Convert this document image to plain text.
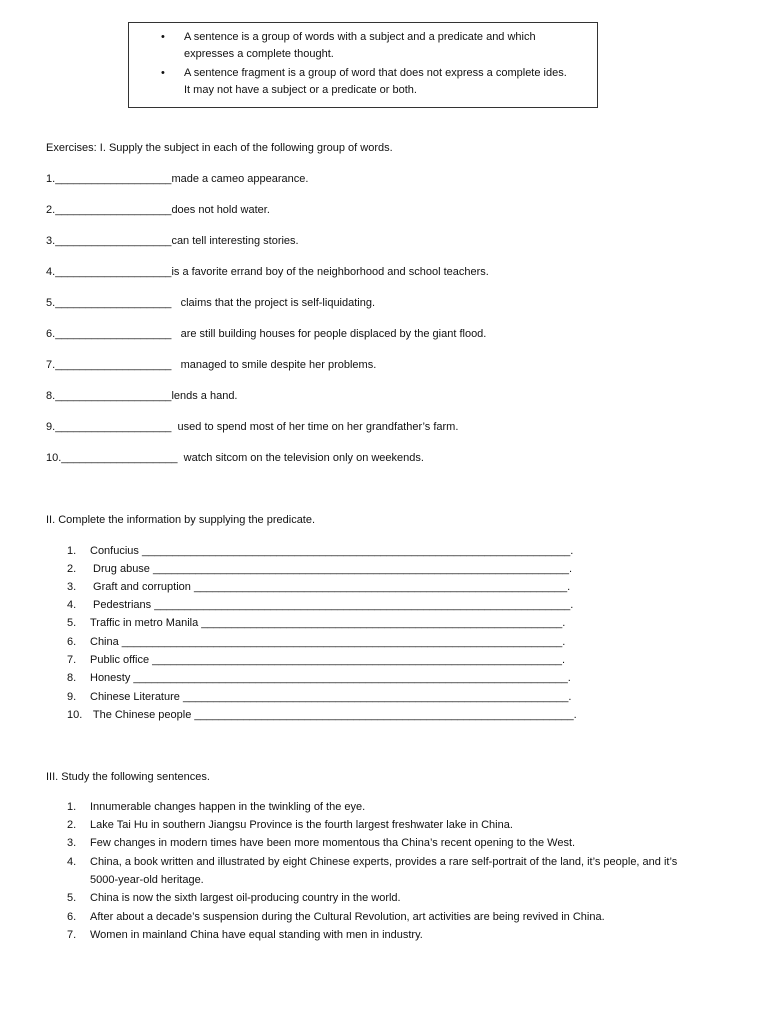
• A sentence is a group of words with a subject and a predicate and which
expresses a complete thought.
• A sentence fragment is a group of word that does not express a complete ides.
It may not have a subject or a predicate or both.
Exercises: I. Supply the subject in each of the following group of words.
1.___________________made a cameo appearance.
2.___________________does not hold water.
3.___________________can tell interesting stories.
4.___________________is a favorite errand boy of the neighborhood and school teachers.
5.___________________   claims that the project is self-liquidating.
6.___________________   are still building houses for people displaced by the giant flood.
7.___________________   managed to smile despite her problems.
8.___________________lends a hand.
9.___________________  used to spend most of her time on her grandfather’s farm.
10.___________________  watch sitcom on the television only on weekends.
II. Complete the information by supplying the predicate.
1. Confucius ______________________________________________________________________.
2. Drug abuse ____________________________________________________________________.
3. Graft and corruption _____________________________________________________________.
4. Pedestrians ____________________________________________________________________.
5. Traffic in metro Manila ___________________________________________________________.
6. China ________________________________________________________________________.
7. Public office ___________________________________________________________________.
8. Honesty _______________________________________________________________________.
9. Chinese Literature _______________________________________________________________.
10. The Chinese people ______________________________________________________________.
III. Study the following sentences.
1. Innumerable changes happen in the twinkling of the eye.
2. Lake Tai Hu in southern Jiangsu Province is the fourth largest freshwater lake in China.
3. Few changes in modern times have been more momentous tha China’s recent opening to the West.
4. China, a book written and illustrated by eight Chinese experts, provides a rare self-portrait of the land, it’s people, and it’s
5000-year-old heritage.
5. China is now the sixth largest oil-producing country in the world.
6. After about a decade’s suspension during the Cultural Revolution, art activities are being revived in China.
7. Women in mainland China have equal standing with men in industry.
